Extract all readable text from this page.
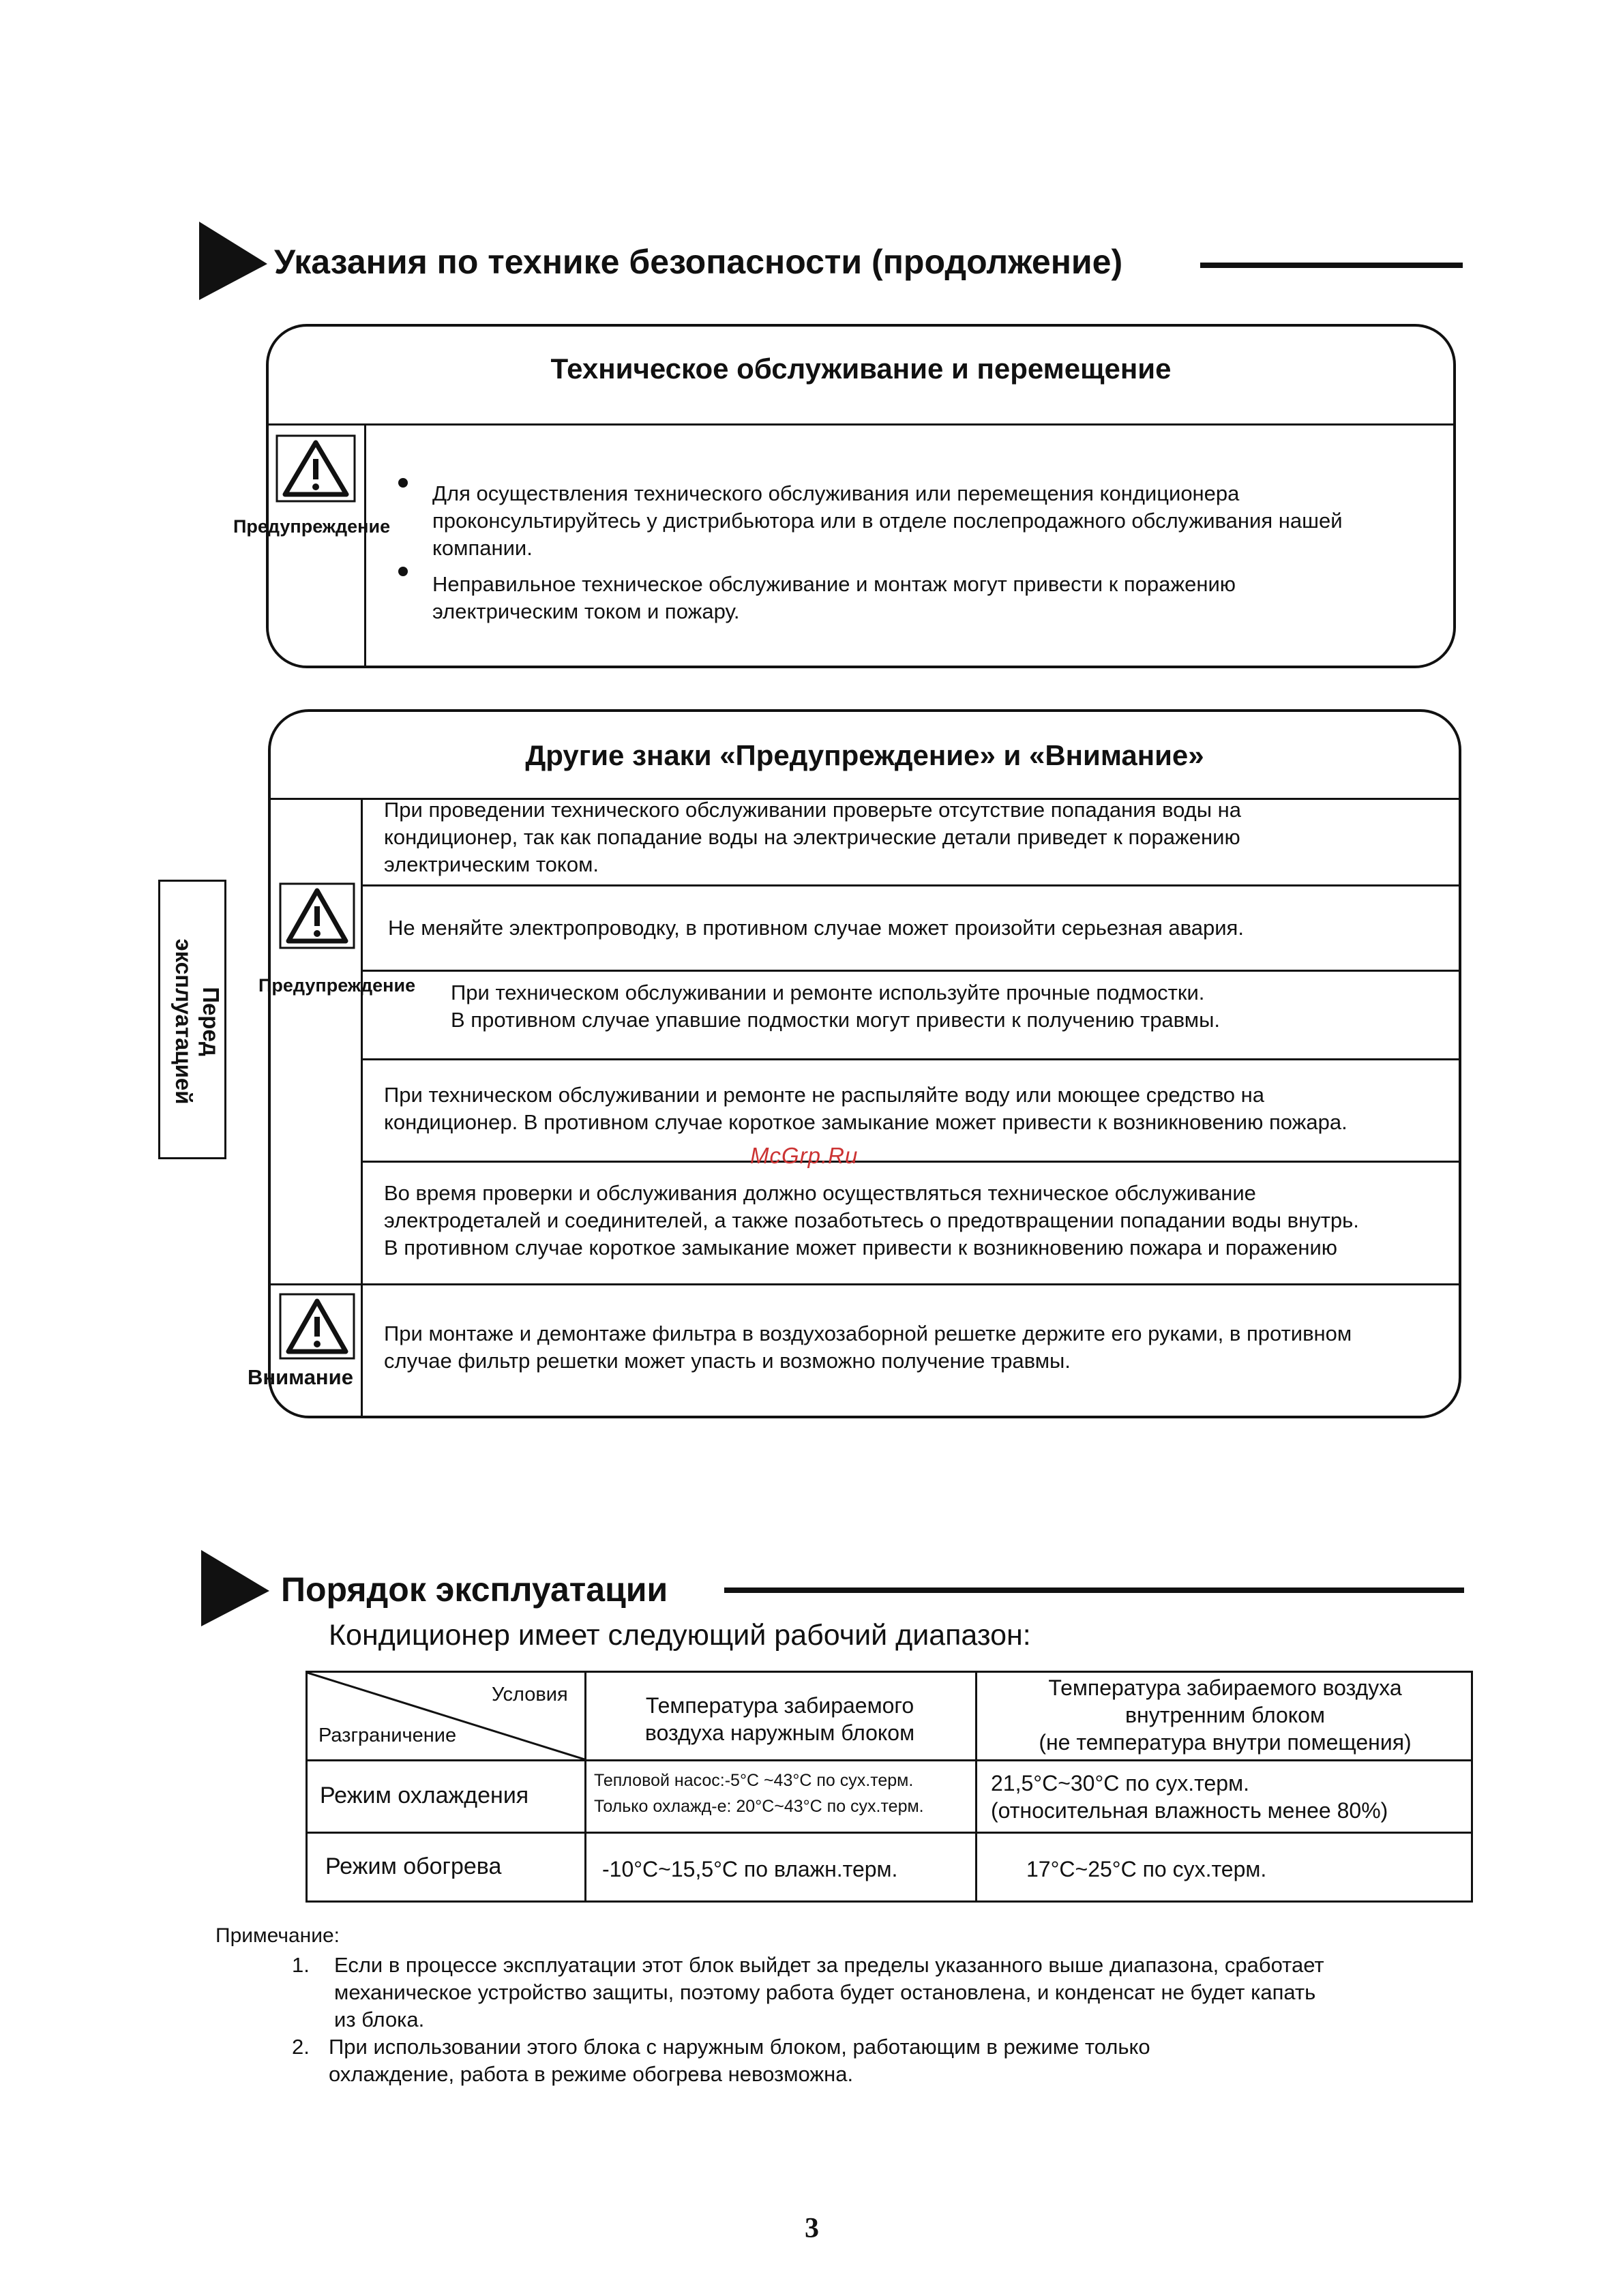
Указания по технике безопасности (продолжение)
Техническое обслуживание и перемещение
Предупреждение
Для осуществления технического обслуживания или перемещения кондиционера
проконсультируйтесь у дистрибьютора или в отделе послепродажного обслуживания нашей
компании.
Неправильное техническое обслуживание и монтаж могут привести к поражению
электрическим током и пожару.
Перед
эксплуатацией
Другие знаки «Предупреждение» и «Внимание»
Предупреждение
Внимание
При проведении технического обслуживании проверьте отсутствие попадания воды на
кондиционер, так как попадание воды на электрические детали приведет к поражению
электрическим током.
Не меняйте электропроводку, в противном случае может произойти серьезная авария.
При техническом обслуживании и ремонте используйте прочные подмостки.
В противном случае упавшие подмостки могут привести к получению травмы.
При техническом обслуживании и ремонте не распыляйте воду или моющее средство на
кондиционер. В противном случае короткое замыкание может привести к возникновению пожара.
Во время проверки и обслуживания должно осуществляться техническое обслуживание
электродеталей и соединителей, а также позаботьтесь о предотвращении попадании воды внутрь.
В противном случае короткое замыкание может привести к возникновению пожара и поражению
При монтаже и демонтаже фильтра в воздухозаборной решетке держите его руками, в противном
случае фильтр решетки может упасть и возможно получение травмы.
McGrp.Ru
Порядок эксплуатации
Кондиционер имеет следующий рабочий диапазон:
Условия
Разграничение
Температура забираемого
воздуха наружным блоком
Температура забираемого воздуха
внутренним блоком
(не температура внутри помещения)
Режим охлаждения
Тепловой насос:-5°C ~43°C по сух.терм.
Только охлажд-е: 20°C~43°C по сух.терм.
21,5°C~30°C по сух.терм.
(относительная влажность менее 80%)
Режим обогрева	-10°C~15,5°C по влажн.терм.	17°C~25°C по сух.терм.
Примечание:
1. Если в процессе эксплуатации этот блок выйдет за пределы указанного выше диапазона, сработает
механическое устройство защиты, поэтому работа будет остановлена, и конденсат не будет капать
из блока.
2. При использовании этого блока с наружным блоком, работающим в режиме только
охлаждение, работа в режиме обогрева невозможна.
3
